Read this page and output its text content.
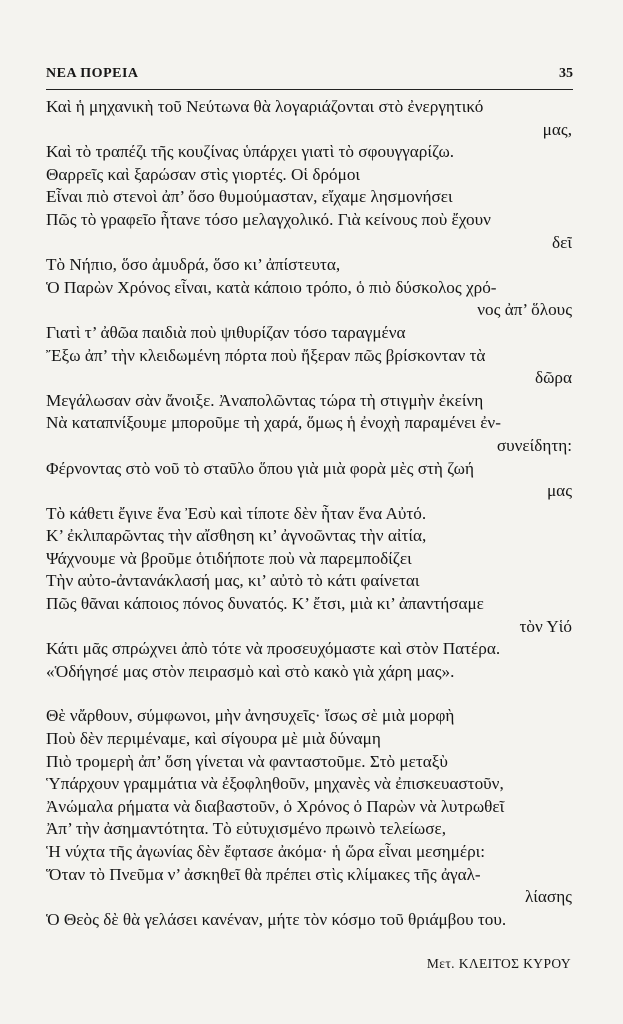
ΝΕΑ ΠΟΡΕΙΑ	35
Καὶ ἡ μηχανικὴ τοῦ Νεύτωνα θὰ λογαριάζονται στὸ ἐνεργητικό
μας,
Καὶ τὸ τραπέζι τῆς κουζίνας ὑπάρχει γιατὶ τὸ σφουγγαρίζω.
Θαρρεῖς καὶ ξαρώσαν στὶς γιορτές. Οἱ δρόμοι
Εἶναι πιὸ στενοὶ ἀπ’ ὅσο θυμούμασταν, εἴχαμε λησμονήσει
Πῶς τὸ γραφεῖο ἦτανε τόσο μελαγχολικό. Γιὰ κείνους ποὺ ἔχουν
δεῖ
Τὸ Νήπιο, ὅσο ἀμυδρά, ὅσο κι’ ἀπίστευτα,
Ὁ Παρὼν Χρόνος εἶναι, κατὰ κάποιο τρόπο, ὁ πιὸ δύσκολος χρό-
νος ἀπ’ ὅλους
Γιατὶ τ’ ἀθῶα παιδιὰ ποὺ ψιθυρίζαν τόσο ταραγμένα
Ἔξω ἀπ’ τὴν κλειδωμένη πόρτα ποὺ ἤξεραν πῶς βρίσκονταν τὰ
δῶρα
Μεγάλωσαν σὰν ἄνοιξε. Ἀναπολῶντας τώρα τὴ στιγμὴν ἐκείνη
Νὰ καταπνίξουμε μποροῦμε τὴ χαρά, ὅμως ἡ ἐνοχὴ παραμένει ἐν-
συνείδητη:
Φέρνοντας στὸ νοῦ τὸ σταῦλο ὅπου γιὰ μιὰ φορὰ μὲς στὴ ζωή
μας
Τὸ κάθετι ἔγινε ἕνα Ἐσὺ καὶ τίποτε δὲν ἦταν ἕνα Αὐτό.
Κ’ ἐκλιπαρῶντας τὴν αἴσθηση κι’ ἀγνοῶντας τὴν αἰτία,
Ψάχνουμε νὰ βροῦμε ὁτιδήποτε ποὺ νὰ παρεμποδίζει
Τὴν αὐτο-ἀντανάκλασή μας, κι’ αὐτὸ τὸ κάτι φαίνεται
Πῶς θᾶναι κάποιος πόνος δυνατός. Κ’ ἔτσι, μιὰ κι’ ἀπαντήσαμε
τὸν Υἱό
Κάτι μᾶς σπρώχνει ἀπὸ τότε νὰ προσευχόμαστε καὶ στὸν Πατέρα.
«Ὁδήγησέ μας στὸν πειρασμὸ καὶ στὸ κακὸ γιὰ χάρη μας».
Θὲ νἄρθουν, σύμφωνοι, μὴν ἀνησυχεῖς· ἴσως σὲ μιὰ μορφὴ
Ποὺ δὲν περιμέναμε, καὶ σίγουρα μὲ μιὰ δύναμη
Πιὸ τρομερὴ ἀπ’ ὅση γίνεται νὰ φανταστοῦμε. Στὸ μεταξὺ
Ὑπάρχουν γραμμάτια νὰ ἐξοφληθοῦν, μηχανὲς νὰ ἐπισκευαστοῦν,
Ἀνώμαλα ρήματα νὰ διαβαστοῦν, ὁ Χρόνος ὁ Παρὼν νὰ λυτρωθεῖ
Ἀπ’ τὴν ἀσημαντότητα. Τὸ εὐτυχισμένο πρωινὸ τελείωσε,
Ἡ νύχτα τῆς ἀγωνίας δὲν ἔφτασε ἀκόμα· ἡ ὥρα εἶναι μεσημέρι:
Ὅταν τὸ Πνεῦμα ν’ ἀσκηθεῖ θὰ πρέπει στὶς κλίμακες τῆς ἀγαλ-
λίασης
Ὁ Θεὸς δὲ θὰ γελάσει κανέναν, μήτε τὸν κόσμο τοῦ θριάμβου του.
Μετ. ΚΛΕΙΤΟΣ ΚΥΡΟΥ
